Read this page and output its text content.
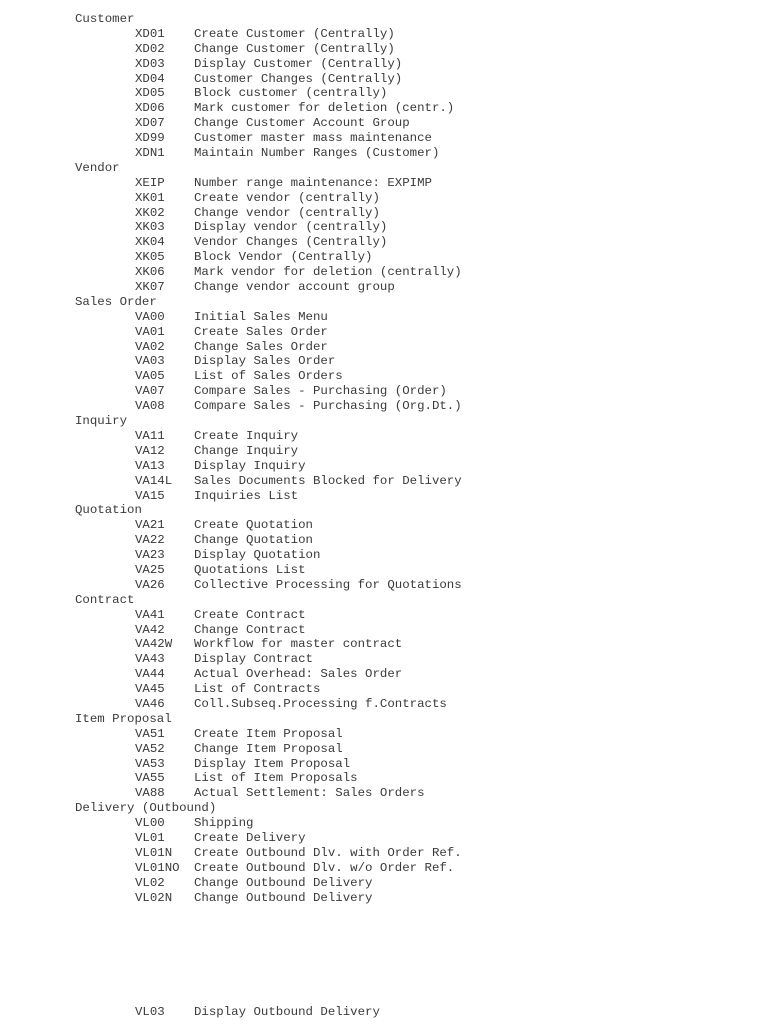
Customer
XD01 Create Customer (Centrally)
XD02 Change Customer (Centrally)
XD03 Display Customer (Centrally)
XD04 Customer Changes (Centrally)
XD05 Block customer (centrally)
XD06 Mark customer for deletion (centr.)
XD07 Change Customer Account Group
XD99 Customer master mass maintenance
XDN1 Maintain Number Ranges (Customer)
Vendor
XEIP Number range maintenance: EXPIMP
XK01 Create vendor (centrally)
XK02 Change vendor (centrally)
XK03 Display vendor (centrally)
XK04 Vendor Changes (Centrally)
XK05 Block Vendor (Centrally)
XK06 Mark vendor for deletion (centrally)
XK07 Change vendor account group
Sales Order
VA00 Initial Sales Menu
VA01 Create Sales Order
VA02 Change Sales Order
VA03 Display Sales Order
VA05 List of Sales Orders
VA07 Compare Sales - Purchasing (Order)
VA08 Compare Sales - Purchasing (Org.Dt.)
Inquiry
VA11 Create Inquiry
VA12 Change Inquiry
VA13 Display Inquiry
VA14L Sales Documents Blocked for Delivery
VA15 Inquiries List
Quotation
VA21 Create Quotation
VA22 Change Quotation
VA23 Display Quotation
VA25 Quotations List
VA26 Collective Processing for Quotations
Contract
VA41 Create Contract
VA42 Change Contract
VA42W Workflow for master contract
VA43 Display Contract
VA44 Actual Overhead: Sales Order
VA45 List of Contracts
VA46 Coll.Subseq.Processing f.Contracts
Item Proposal
VA51 Create Item Proposal
VA52 Change Item Proposal
VA53 Display Item Proposal
VA55 List of Item Proposals
VA88 Actual Settlement: Sales Orders
Delivery (Outbound)
VL00 Shipping
VL01 Create Delivery
VL01N Create Outbound Dlv. with Order Ref.
VL01NO Create Outbound Dlv. w/o Order Ref.
VL02 Change Outbound Delivery
VL02N Change Outbound Delivery
VL03 Display Outbound Delivery
